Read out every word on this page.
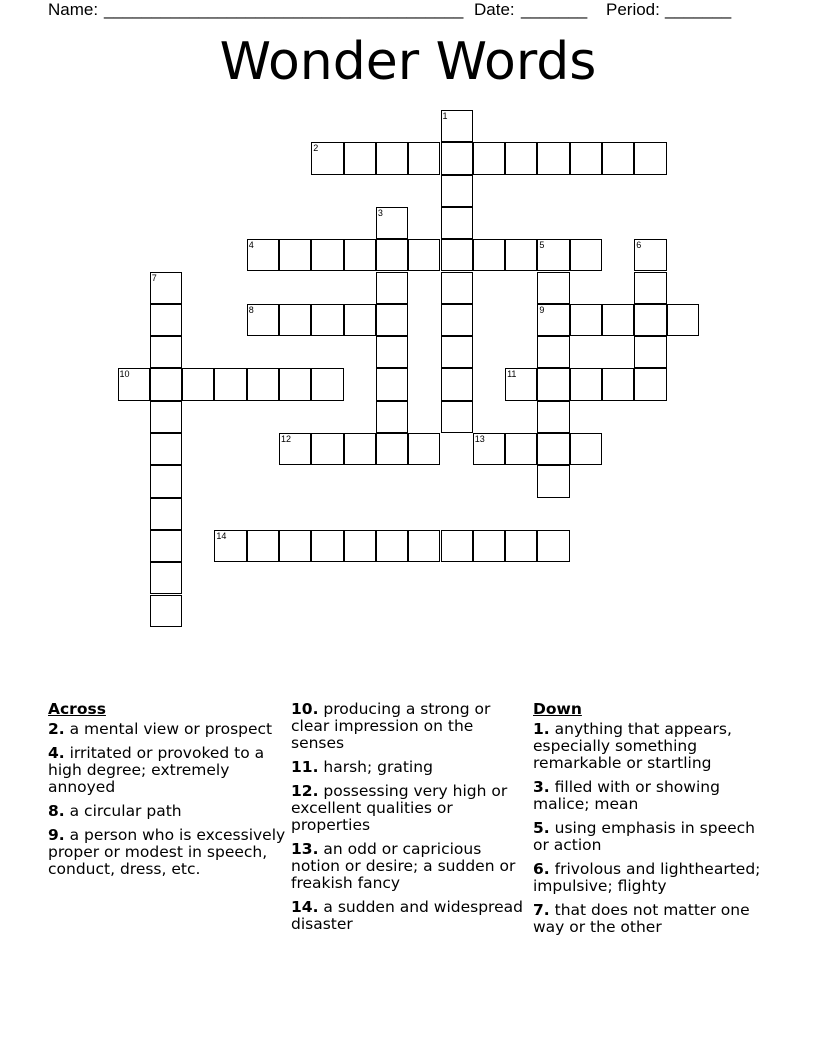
Name: ______________________________________ Date: _______ Period: _______
Wonder Words
1
2
3
4	5
9
6
7
8
10	11
12	13
14
Across
2. a mental view or prospect
4. irritated or provoked to a high degree; extremely annoyed
8. a circular path
9. a person who is excessively proper or modest in speech, conduct, dress, etc.
10. producing a strong or clear impression on the senses
11. harsh; grating
12. possessing very high or excellent qualities or properties
13. an odd or capricious notion or desire; a sudden or freakish fancy
14. a sudden and widespread disaster
Down
1. anything that appears, especially something remarkable or startling
3. filled with or showing malice; mean
5. using emphasis in speech or action
6. frivolous and lighthearted; impulsive; flighty
7. that does not matter one way or the other
